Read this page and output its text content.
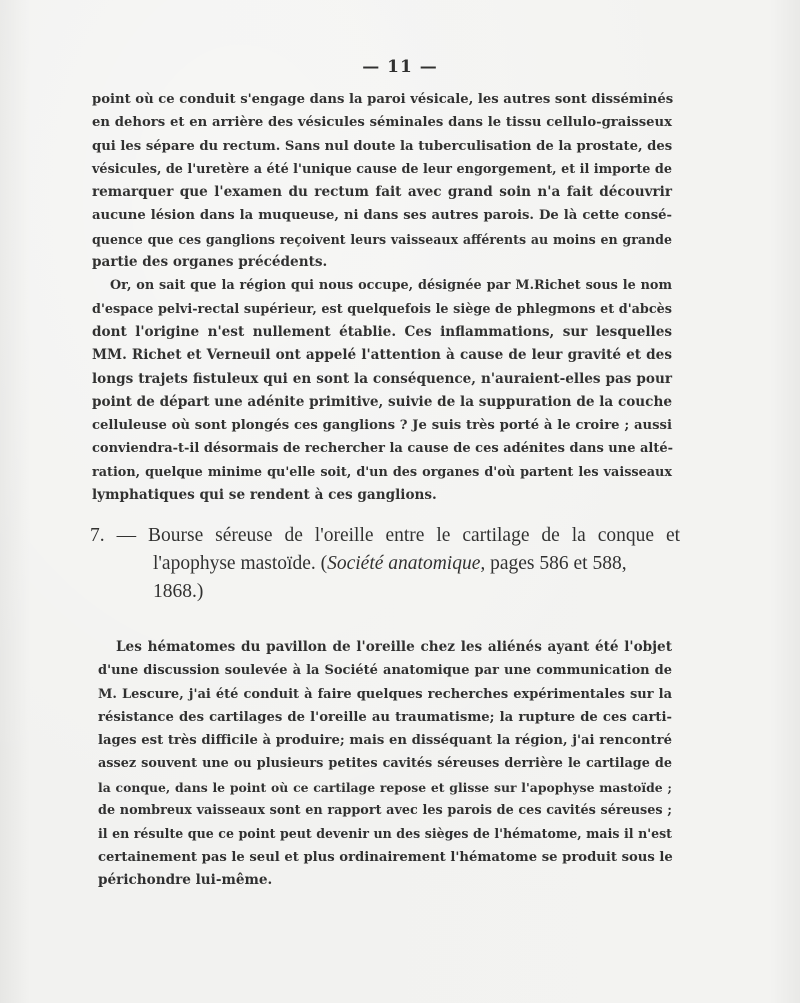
— 11 —

point où ce conduit s'engage dans la paroi vésicale, les autres sont disséminés
en dehors et en arrière des vésicules séminales dans le tissu cellulo-graisseux
qui les sépare du rectum. Sans nul doute la tuberculisation de la prostate, des
vésicules, de l'uretère a été l'unique cause de leur engorgement, et il importe de
remarquer que l'examen du rectum fait avec grand soin n'a fait découvrir
aucune lésion dans la muqueuse, ni dans ses autres parois. De là cette consé-
quence que ces ganglions reçoivent leurs vaisseaux afférents au moins en grande
partie des organes précédents.

Or, on sait que la région qui nous occupe, désignée par M.Richet sous le nom
d'espace pelvi-rectal supérieur, est quelquefois le siège de phlegmons et d'abcès
dont l'origine n'est nullement établie. Ces inflammations, sur lesquelles
MM. Richet et Verneuil ont appelé l'attention à cause de leur gravité et des
longs trajets fistuleux qui en sont la conséquence, n'auraient-elles pas pour
point de départ une adénite primitive, suivie de la suppuration de la couche
celluleuse où sont plongés ces ganglions ? Je suis très porté à le croire ; aussi
conviendra-t-il désormais de rechercher la cause de ces adénites dans une alté-
ration, quelque minime qu'elle soit, d'un des organes d'où partent les vaisseaux
lymphatiques qui se rendent à ces ganglions.

7. — Bourse séreuse de l'oreille entre le cartilage de la conque et
l'apophyse mastoïde. (Société anatomique, pages 586 et 588,
1868.)

Les hématomes du pavillon de l'oreille chez les aliénés ayant été l'objet
d'une discussion soulevée à la Société anatomique par une communication de
M. Lescure, j'ai été conduit à faire quelques recherches expérimentales sur la
résistance des cartilages de l'oreille au traumatisme; la rupture de ces carti-
lages est très difficile à produire; mais en disséquant la région, j'ai rencontré
assez souvent une ou plusieurs petites cavités séreuses derrière le cartilage de
la conque, dans le point où ce cartilage repose et glisse sur l'apophyse mastoïde ;
de nombreux vaisseaux sont en rapport avec les parois de ces cavités séreuses ;
il en résulte que ce point peut devenir un des sièges de l'hématome, mais il n'est
certainement pas le seul et plus ordinairement l'hématome se produit sous le
périchondre lui-même.
